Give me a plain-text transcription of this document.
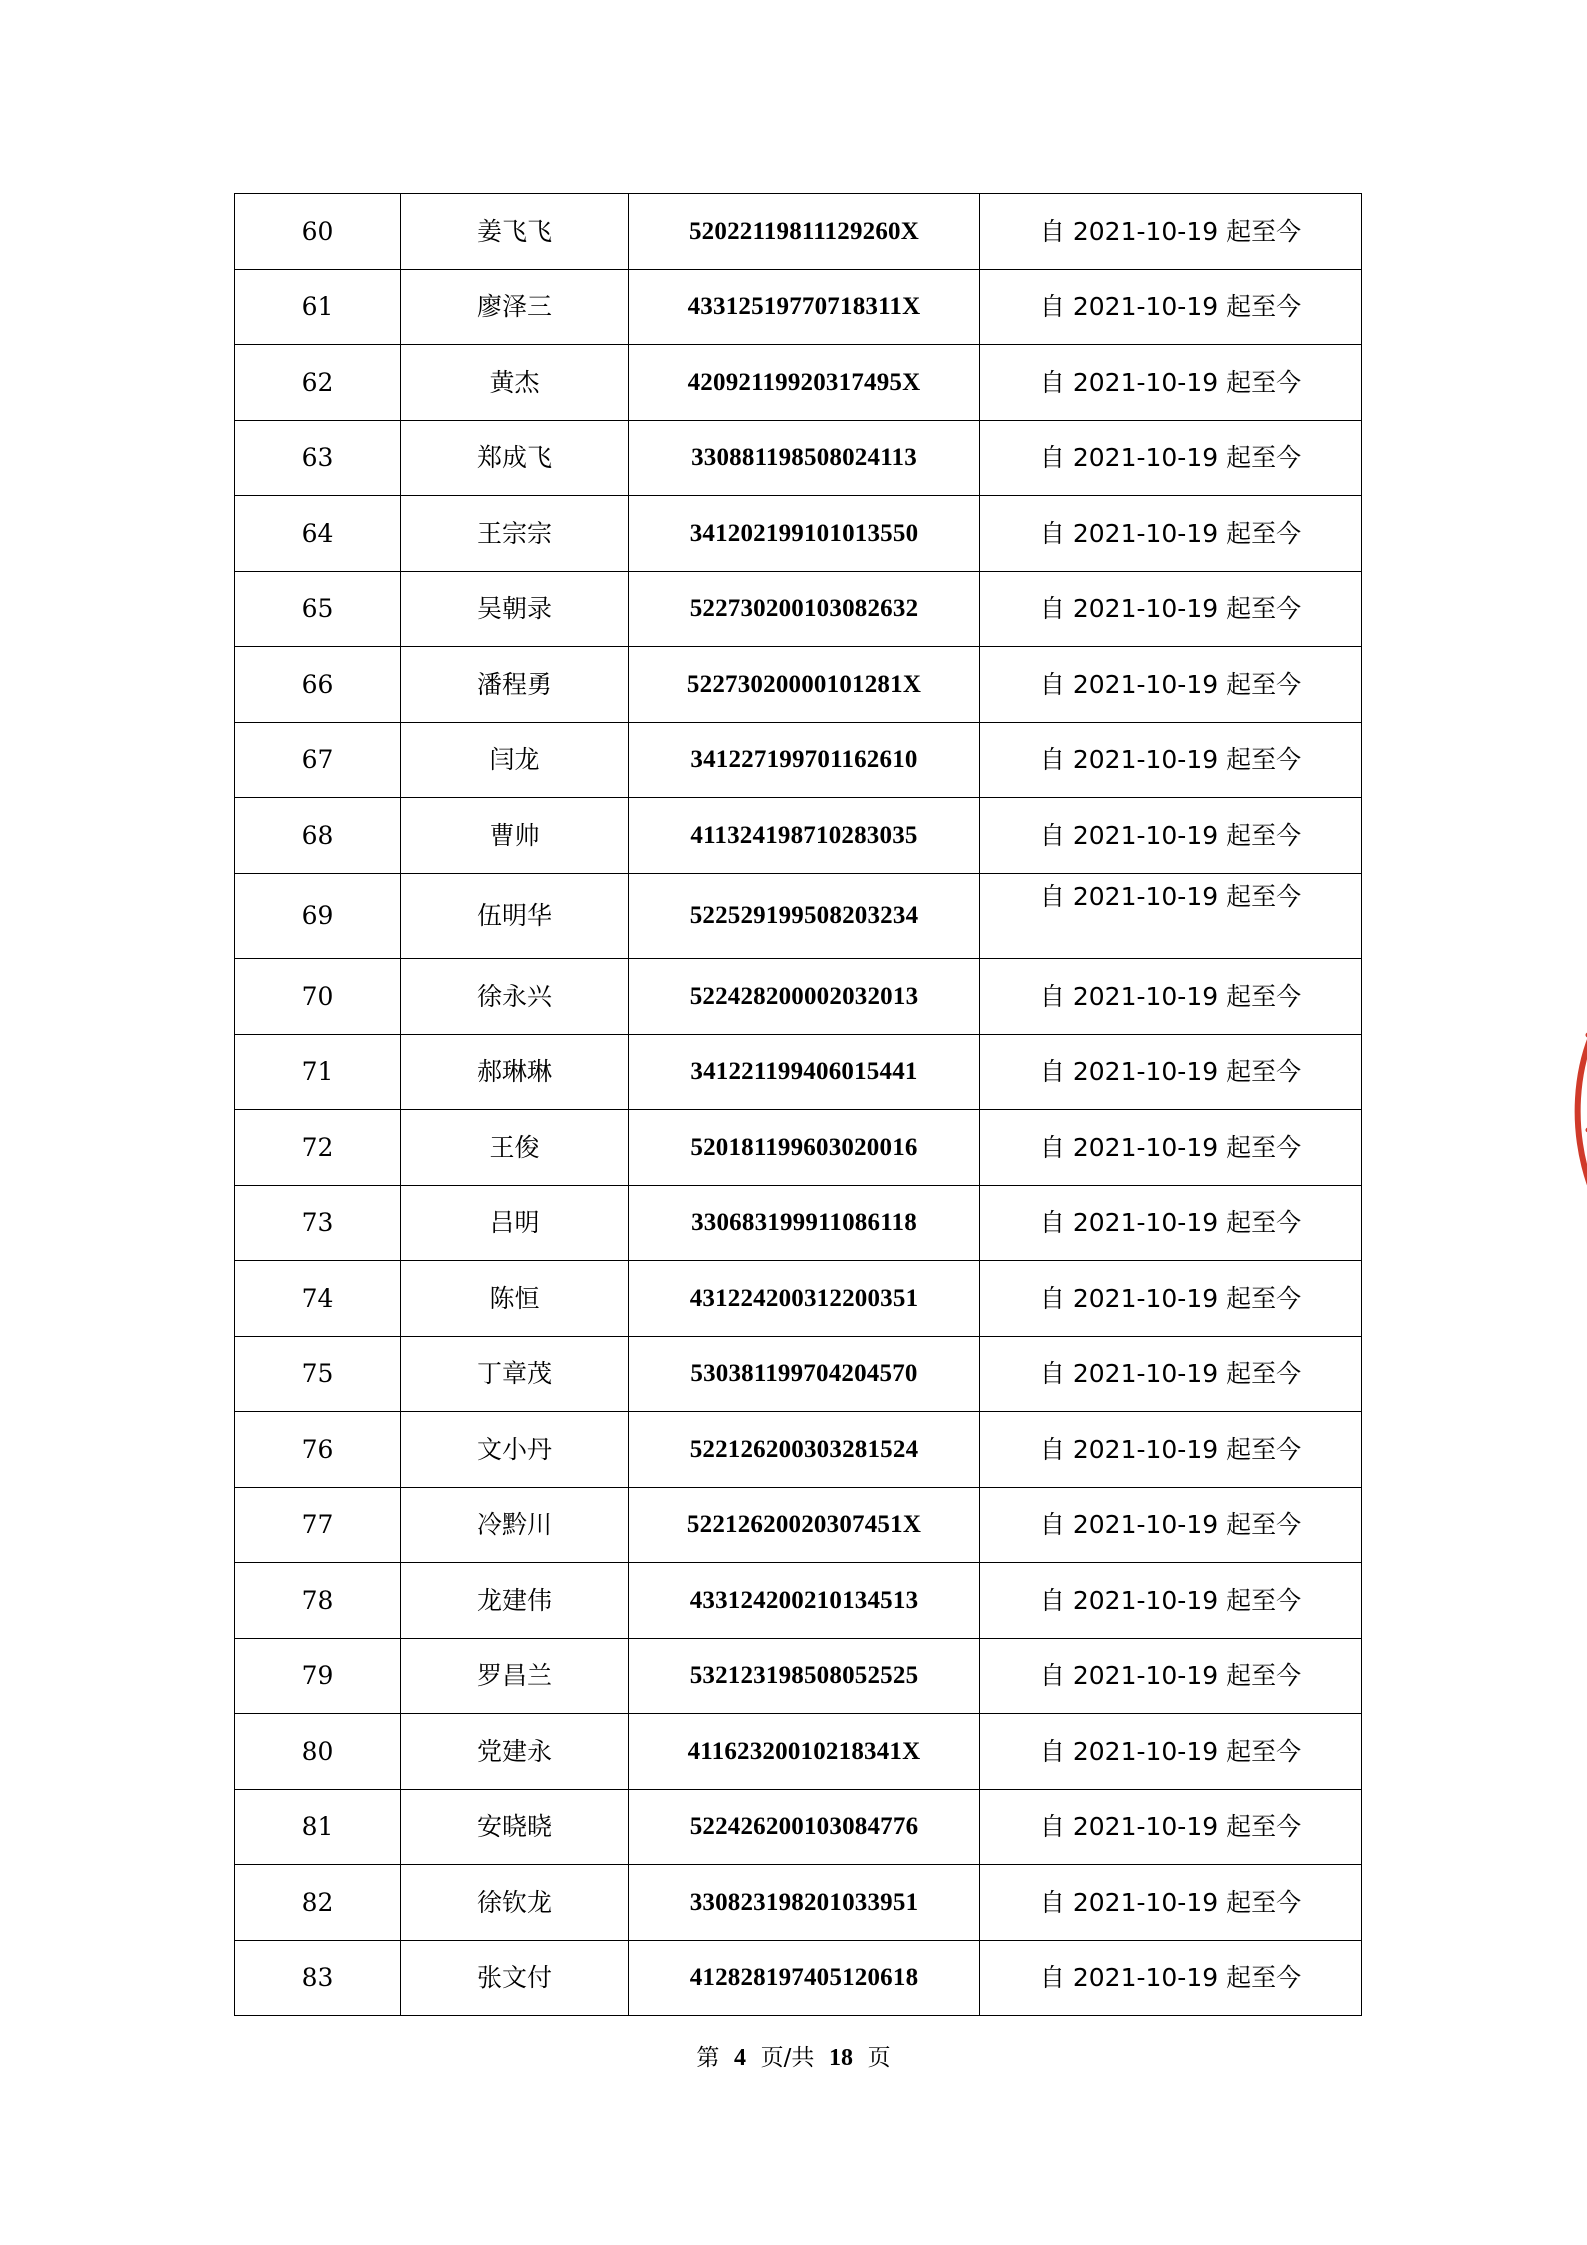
60	姜飞飞	52022119811129260X	自 2021-10-19 起至今
61	廖泽三	43312519770718311X	自 2021-10-19 起至今
62	黄杰	42092119920317495X	自 2021-10-19 起至今
63	郑成飞	330881198508024113	自 2021-10-19 起至今
64	王宗宗	341202199101013550	自 2021-10-19 起至今
65	吴朝录	522730200103082632	自 2021-10-19 起至今
66	潘程勇	52273020000101281X	自 2021-10-19 起至今
67	闫龙	341227199701162610	自 2021-10-19 起至今
68	曹帅	411324198710283035	自 2021-10-19 起至今
69	伍明华	522529199508203234	自 2021-10-19 起至今
70	徐永兴	522428200002032013	自 2021-10-19 起至今
71	郝琳琳	341221199406015441	自 2021-10-19 起至今
72	王俊	520181199603020016	自 2021-10-19 起至今
73	吕明	330683199911086118	自 2021-10-19 起至今
74	陈恒	431224200312200351	自 2021-10-19 起至今
75	丁章茂	530381199704204570	自 2021-10-19 起至今
76	文小丹	522126200303281524	自 2021-10-19 起至今
77	冷黔川	52212620020307451X	自 2021-10-19 起至今
78	龙建伟	433124200210134513	自 2021-10-19 起至今
79	罗昌兰	532123198508052525	自 2021-10-19 起至今
80	党建永	41162320010218341X	自 2021-10-19 起至今
81	安晓晓	522426200103084776	自 2021-10-19 起至今
82	徐钦龙	330823198201033951	自 2021-10-19 起至今
83	张文付	412828197405120618	自 2021-10-19 起至今
第 4 页/共 18 页
